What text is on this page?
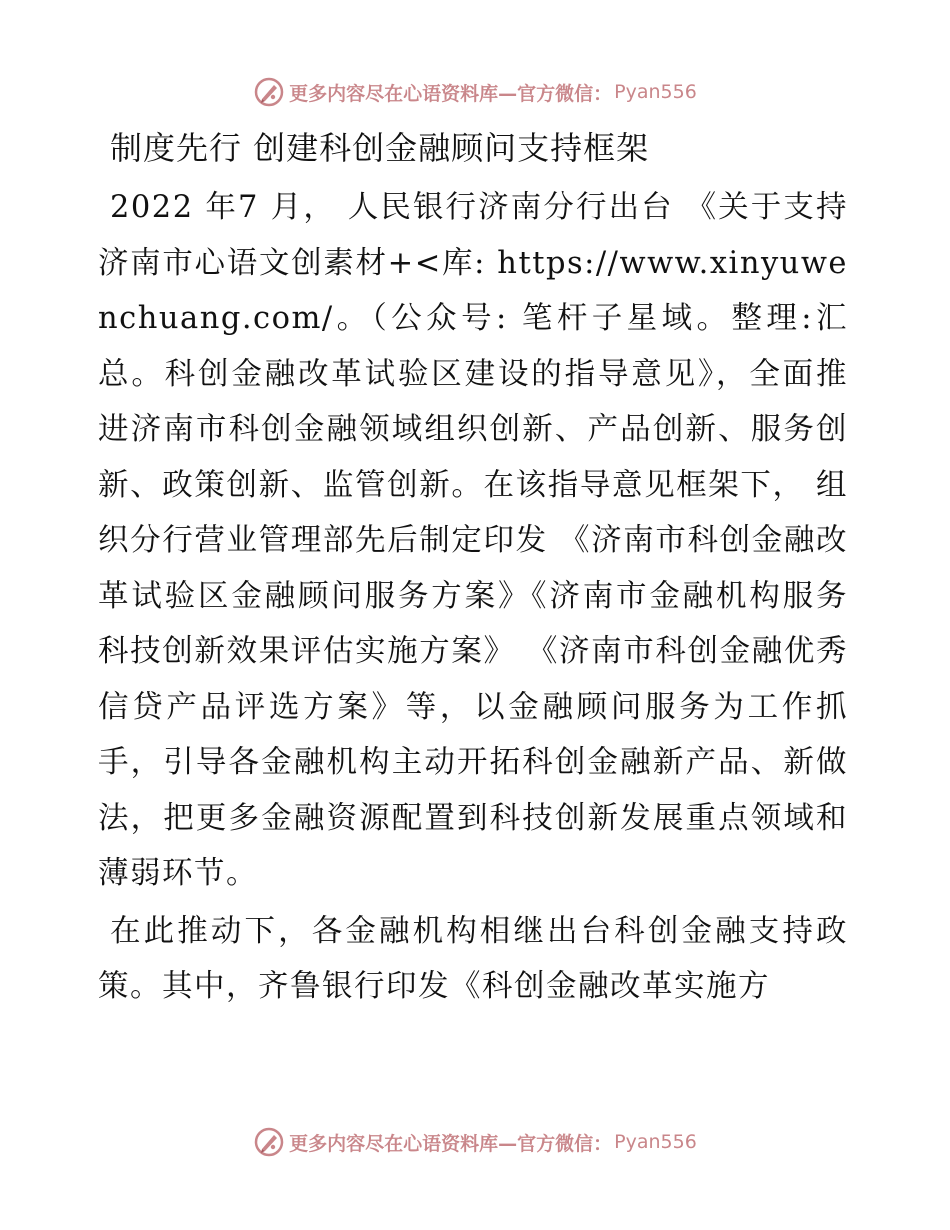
更多内容尽在心语资料库—官方微信： Pyan556
制度先行 创建科创金融顾问支持框架

2022 年7 月， 人民银行济南分行出台 《关于支持济南市心语文创素材+<库: https://www.xinyuwenchuang.com/。（公众号: 笔杆子星域。整理:汇总。科创金融改革试验区建设的指导意见》，全面推进济南市科创金融领域组织创新、产品创新、服务创新、政策创新、监管创新。在该指导意见框架下， 组织分行营业管理部先后制定印发 《济南市科创金融改革试验区金融顾问服务方案》《济南市金融机构服务科技创新效果评估实施方案》 《济南市科创金融优秀信贷产品评选方案》等，以金融顾问服务为工作抓手，引导各金融机构主动开拓科创金融新产品、新做法，把更多金融资源配置到科技创新发展重点领域和薄弱环节。

在此推动下，各金融机构相继出台科创金融支持政策。其中，齐鲁银行印发《科创金融改革实施方

更多内容尽在心语资料库—官方微信： Pyan556
